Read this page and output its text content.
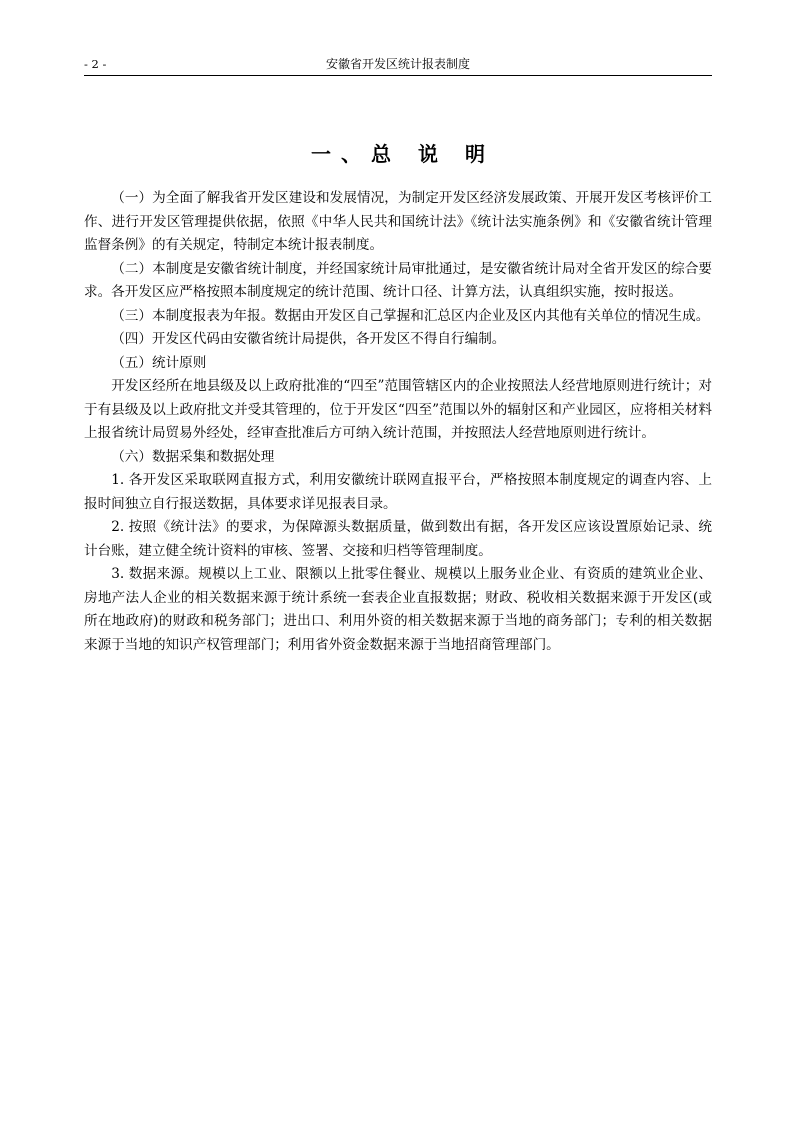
- 2 -	安徽省开发区统计报表制度
一、总 说 明

（一）为全面了解我省开发区建设和发展情况，为制定开发区经济发展政策、开展开发区考核评价工作、进行开发区管理提供依据，依照《中华人民共和国统计法》《统计法实施条例》和《安徽省统计管理监督条例》的有关规定，特制定本统计报表制度。

（二）本制度是安徽省统计制度，并经国家统计局审批通过，是安徽省统计局对全省开发区的综合要求。各开发区应严格按照本制度规定的统计范围、统计口径、计算方法，认真组织实施，按时报送。

（三）本制度报表为年报。数据由开发区自己掌握和汇总区内企业及区内其他有关单位的情况生成。

（四）开发区代码由安徽省统计局提供，各开发区不得自行编制。

（五）统计原则

开发区经所在地县级及以上政府批准的“四至”范围管辖区内的企业按照法人经营地原则进行统计；对于有县级及以上政府批文并受其管理的，位于开发区“四至”范围以外的辐射区和产业园区，应将相关材料上报省统计局贸易外经处，经审查批准后方可纳入统计范围，并按照法人经营地原则进行统计。

（六）数据采集和数据处理

1. 各开发区采取联网直报方式，利用安徽统计联网直报平台，严格按照本制度规定的调查内容、上报时间独立自行报送数据，具体要求详见报表目录。

2. 按照《统计法》的要求，为保障源头数据质量，做到数出有据，各开发区应该设置原始记录、统计台账，建立健全统计资料的审核、签署、交接和归档等管理制度。

3. 数据来源。规模以上工业、限额以上批零住餐业、规模以上服务业企业、有资质的建筑业企业、房地产法人企业的相关数据来源于统计系统一套表企业直报数据；财政、税收相关数据来源于开发区(或所在地政府)的财政和税务部门；进出口、利用外资的相关数据来源于当地的商务部门；专利的相关数据来源于当地的知识产权管理部门；利用省外资金数据来源于当地招商管理部门。
